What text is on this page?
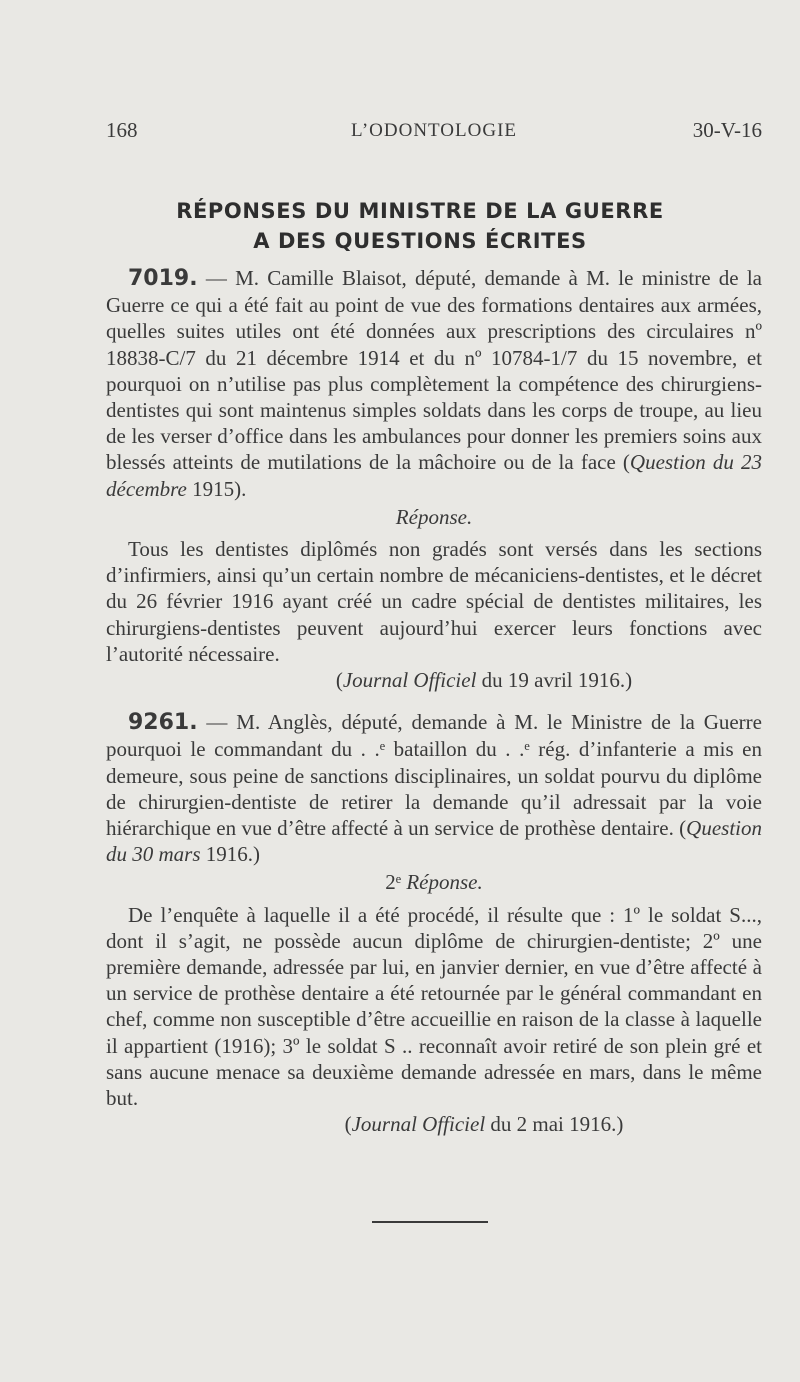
168	L’ODONTOLOGIE	30-V-16
RÉPONSES DU MINISTRE DE LA GUERRE
A DES QUESTIONS ÉCRITES

7019. — M. Camille Blaisot, député, demande à M. le ministre de la Guerre ce qui a été fait au point de vue des formations dentaires aux armées, quelles suites utiles ont été données aux prescriptions des circulaires nº 18838-C/7 du 21 décembre 1914 et du nº 10784-1/7 du 15 novembre, et pourquoi on n’utilise pas plus complètement la compétence des chirurgiens-dentistes qui sont maintenus simples soldats dans les corps de troupe, au lieu de les verser d’office dans les ambulances pour donner les premiers soins aux blessés atteints de mutilations de la mâchoire ou de la face (Question du 23 décembre 1915).

Réponse.

Tous les dentistes diplômés non gradés sont versés dans les sections d’infirmiers, ainsi qu’un certain nombre de mécaniciens-dentistes, et le décret du 26 février 1916 ayant créé un cadre spécial de dentistes militaires, les chirurgiens-dentistes peuvent aujourd’hui exercer leurs fonctions avec l’autorité nécessaire.

(Journal Officiel du 19 avril 1916.)

9261. — M. Anglès, député, demande à M. le Ministre de la Guerre pourquoi le commandant du . .ᵉ bataillon du . .ᵉ rég. d’infanterie a mis en demeure, sous peine de sanctions disciplinaires, un soldat pourvu du diplôme de chirurgien-dentiste de retirer la demande qu’il adressait par la voie hiérarchique en vue d’être affecté à un service de prothèse dentaire. (Question du 30 mars 1916.)

2ᵉ Réponse.

De l’enquête à laquelle il a été procédé, il résulte que : 1º le soldat S..., dont il s’agit, ne possède aucun diplôme de chirurgien-dentiste; 2º une première demande, adressée par lui, en janvier dernier, en vue d’être affecté à un service de prothèse dentaire a été retournée par le général commandant en chef, comme non susceptible d’être accueillie en raison de la classe à laquelle il appartient (1916); 3º le soldat S .. reconnaît avoir retiré de son plein gré et sans aucune menace sa deuxième demande adressée en mars, dans le même but.

(Journal Officiel du 2 mai 1916.)
